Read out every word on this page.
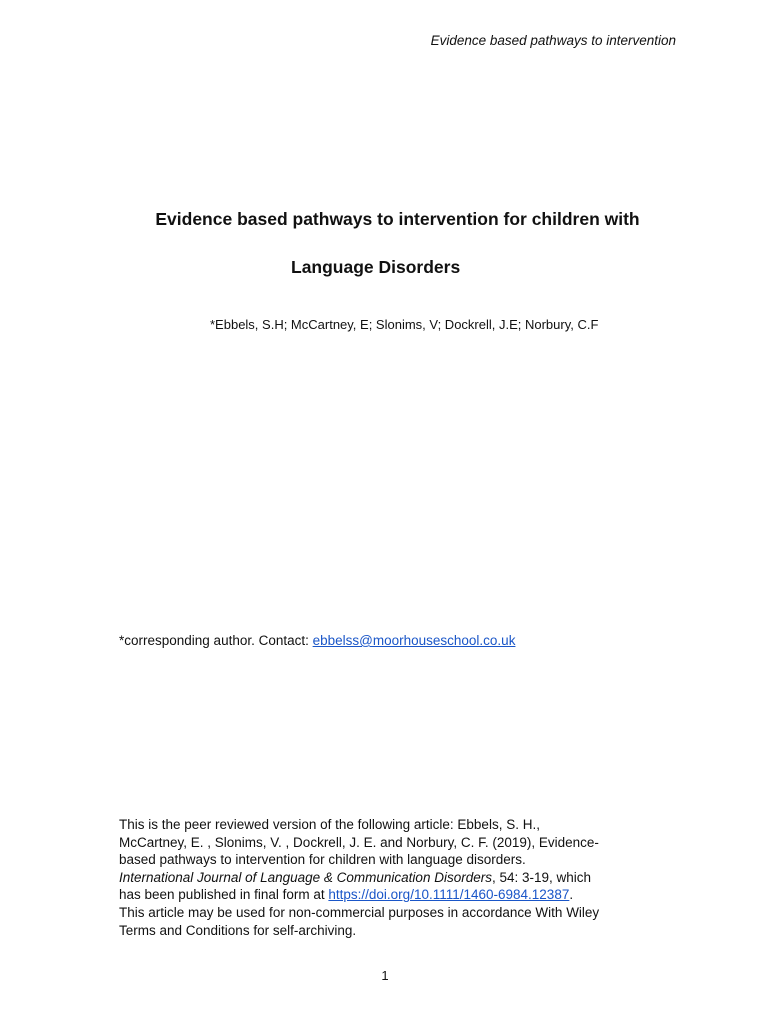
Evidence based pathways to intervention
Evidence based pathways to intervention for children with
Language Disorders
*Ebbels, S.H; McCartney, E; Slonims, V; Dockrell, J.E; Norbury, C.F
*corresponding author. Contact: ebbelss@moorhouseschool.co.uk
This is the peer reviewed version of the following article: Ebbels, S. H.,
McCartney, E. , Slonims, V. , Dockrell, J. E. and Norbury, C. F. (2019), Evidence-
based pathways to intervention for children with language disorders.
International Journal of Language & Communication Disorders, 54: 3-19, which
has been published in final form at https://doi.org/10.1111/1460-6984.12387.
This article may be used for non-commercial purposes in accordance With Wiley
Terms and Conditions for self-archiving.
1
